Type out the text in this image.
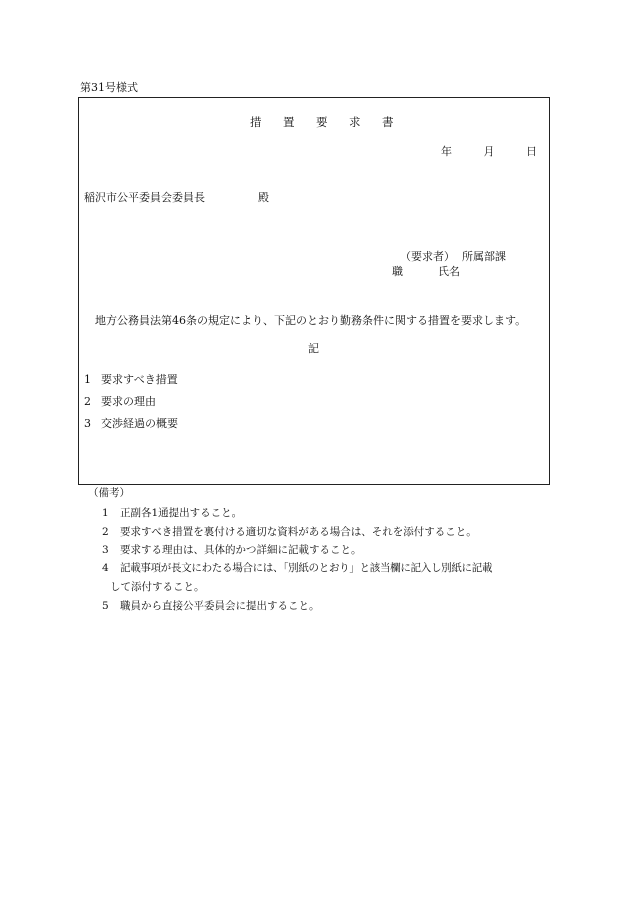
第31号様式
措 置 要 求 書
年	月	日
稲沢市公平委員会委員長	殿
（要求者） 所属部課
職	氏名
地方公務員法第46条の規定により、下記のとおり勤務条件に関する措置を要求します。
記
1 要求すべき措置
2 要求の理由
3 交渉経過の概要
（備考）
1 正副各1通提出すること。
2 要求すべき措置を裏付ける適切な資料がある場合は、それを添付すること。
3 要求する理由は、具体的かつ詳細に記載すること。
4 記載事項が長文にわたる場合には、「別紙のとおり」と該当欄に記入し別紙に記載
して添付すること。
5 職員から直接公平委員会に提出すること。
